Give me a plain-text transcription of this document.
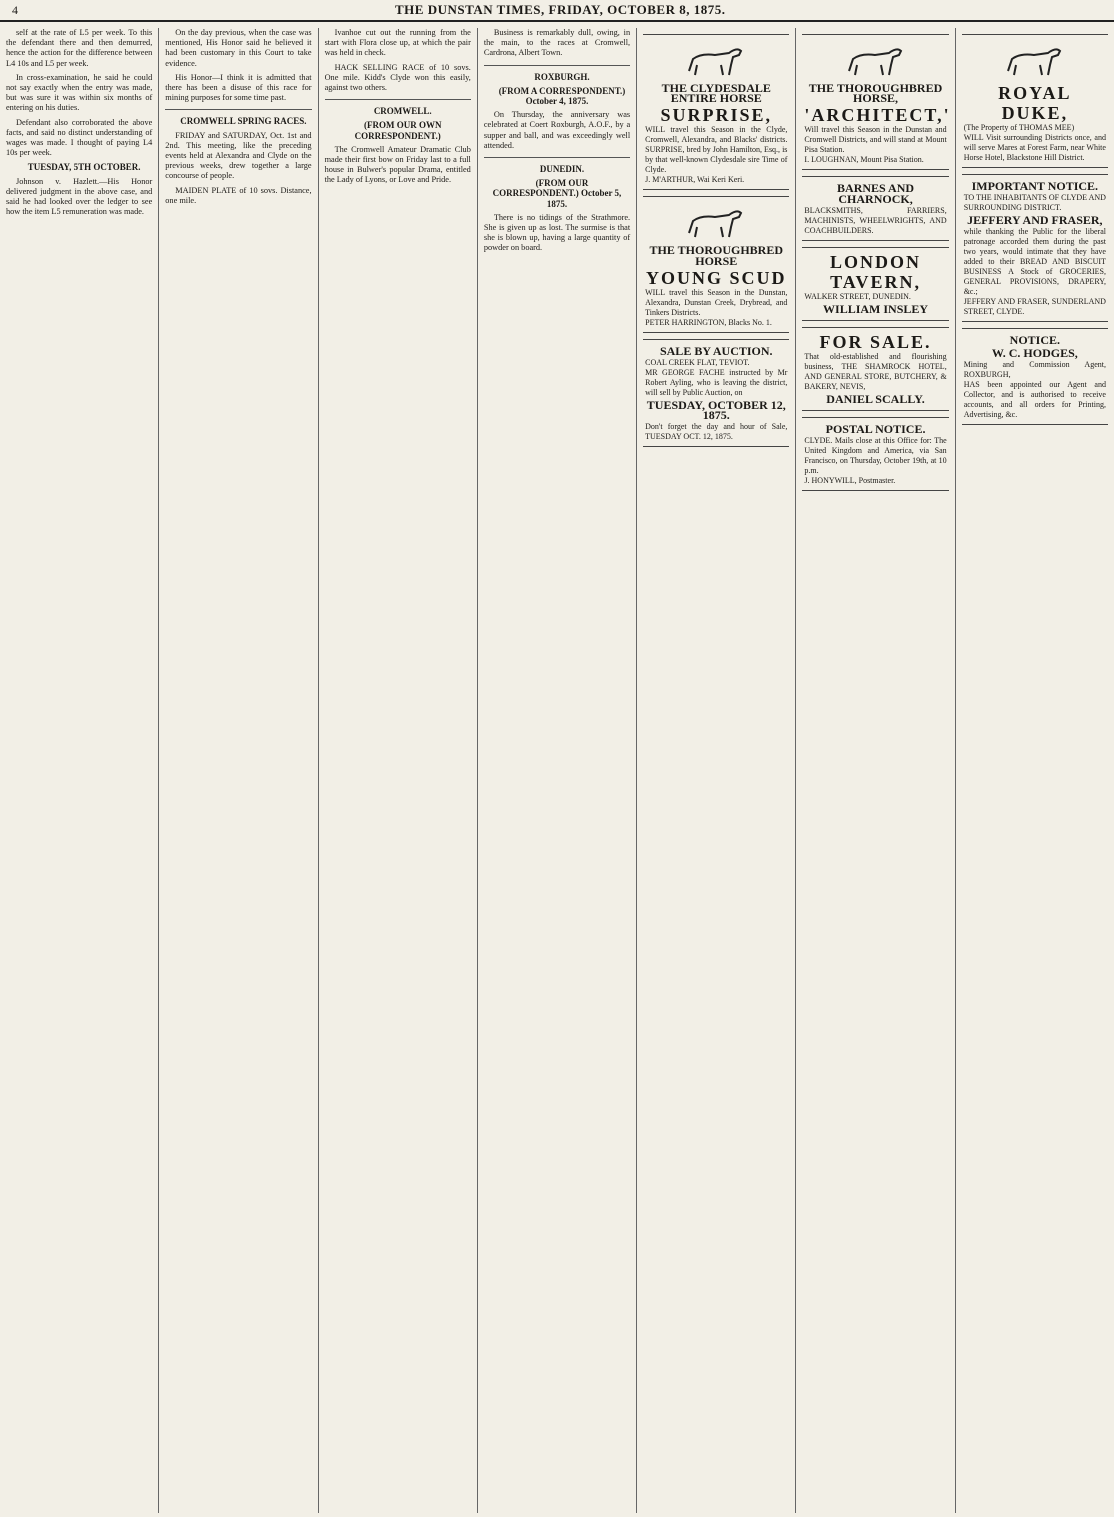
4	THE DUNSTAN TIMES, FRIDAY, OCTOBER 8, 1875.

self at the rate of L5 per week. To this the defendant there and then demurred, hence the action for the difference between L4 10s and L5 per week.

In cross-examination, he said he could not say exactly when the entry was made, but was sure it was within six months of entering on his duties.

Defendant also corroborated the above facts, and said no distinct understanding of wages was made. I thought of paying L4 10s per week.

TUESDAY, 5TH OCTOBER.

Johnson v. Hazlett.—His Honor delivered judgment in the above case, and said he had looked over the ledger to see how the item L5 remuneration was made.

On the day previous, when the case was mentioned, His Honor said he believed it had been customary in this Court to take evidence.

His Honor—I think it is admitted that there has been a disuse of this race for mining purposes for some time past.

CROMWELL SPRING RACES.

FRIDAY and SATURDAY, Oct. 1st and 2nd. This meeting, like the preceding events held at Alexandra and Clyde on the previous weeks, drew together a large concourse of people.

MAIDEN PLATE of 10 sovs. Distance, one mile.

Ivanhoe cut out the running from the start with Flora close up, at which the pair was held in check.

HACK SELLING RACE of 10 sovs. One mile. Kidd's Clyde won this easily, against two others.

CROMWELL.

(FROM OUR OWN CORRESPONDENT.)

The Cromwell Amateur Dramatic Club made their first bow on Friday last to a full house in Bulwer's popular Drama, entitled the Lady of Lyons, or Love and Pride.

Business is remarkably dull, owing, in the main, to the races at Cromwell, Cardrona, Albert Town.

ROXBURGH.

(FROM A CORRESPONDENT.) October 4, 1875.

On Thursday, the anniversary was celebrated at Coert Roxburgh, A.O.F., by a supper and ball, and was exceedingly well attended.

DUNEDIN.

(FROM OUR CORRESPONDENT.) October 5, 1875.

There is no tidings of the Strathmore. She is given up as lost. The surmise is that she is blown up, having a large quantity of powder on board.

THE CLYDESDALE ENTIRE HORSE
SURPRISE,
WILL travel this Season in the Clyde, Cromwell, Alexandra, and Blacks' districts. SURPRISE, bred by John Hamilton, Esq., is by that well-known Clydesdale sire Time of Clyde.
J. M'ARTHUR, Wai Keri Keri.
THE THOROUGHBRED HORSE
YOUNG SCUD
WILL travel this Season in the Dunstan, Alexandra, Dunstan Creek, Drybread, and Tinkers Districts.
PETER HARRINGTON, Blacks No. 1.
SALE BY AUCTION.
COAL CREEK FLAT, TEVIOT.
MR GEORGE FACHE instructed by Mr Robert Ayling, who is leaving the district, will sell by Public Auction, on
TUESDAY, OCTOBER 12, 1875.
Don't forget the day and hour of Sale, TUESDAY OCT. 12, 1875.
THE THOROUGHBRED HORSE,
'ARCHITECT,'
Will travel this Season in the Dunstan and Cromwell Districts, and will stand at Mount Pisa Station.
I. LOUGHNAN, Mount Pisa Station.
BARNES AND CHARNOCK,
BLACKSMITHS, FARRIERS, MACHINISTS, WHEELWRIGHTS, AND COACHBUILDERS.
LONDON TAVERN,
WALKER STREET, DUNEDIN.
WILLIAM INSLEY
FOR SALE.
That old-established and flourishing business, THE SHAMROCK HOTEL, AND GENERAL STORE, BUTCHERY, & BAKERY, NEVIS,
DANIEL SCALLY.
POSTAL NOTICE.
CLYDE. Mails close at this Office for: The United Kingdom and America, via San Francisco, on Thursday, October 19th, at 10 p.m.
J. HONYWILL, Postmaster.
ROYAL DUKE,
(The Property of THOMAS MEE)
WILL Visit surrounding Districts once, and will serve Mares at Forest Farm, near White Horse Hotel, Blackstone Hill District.
IMPORTANT NOTICE.
TO THE INHABITANTS OF CLYDE AND SURROUNDING DISTRICT.
JEFFERY AND FRASER,
while thanking the Public for the liberal patronage accorded them during the past two years, would intimate that they have added to their BREAD AND BISCUIT BUSINESS A Stock of GROCERIES, GENERAL PROVISIONS, DRAPERY, &c.;
JEFFERY AND FRASER, SUNDERLAND STREET, CLYDE.
NOTICE.
W. C. HODGES,
Mining and Commission Agent, ROXBURGH,
HAS been appointed our Agent and Collector, and is authorised to receive accounts, and all orders for Printing, Advertising, &c.
